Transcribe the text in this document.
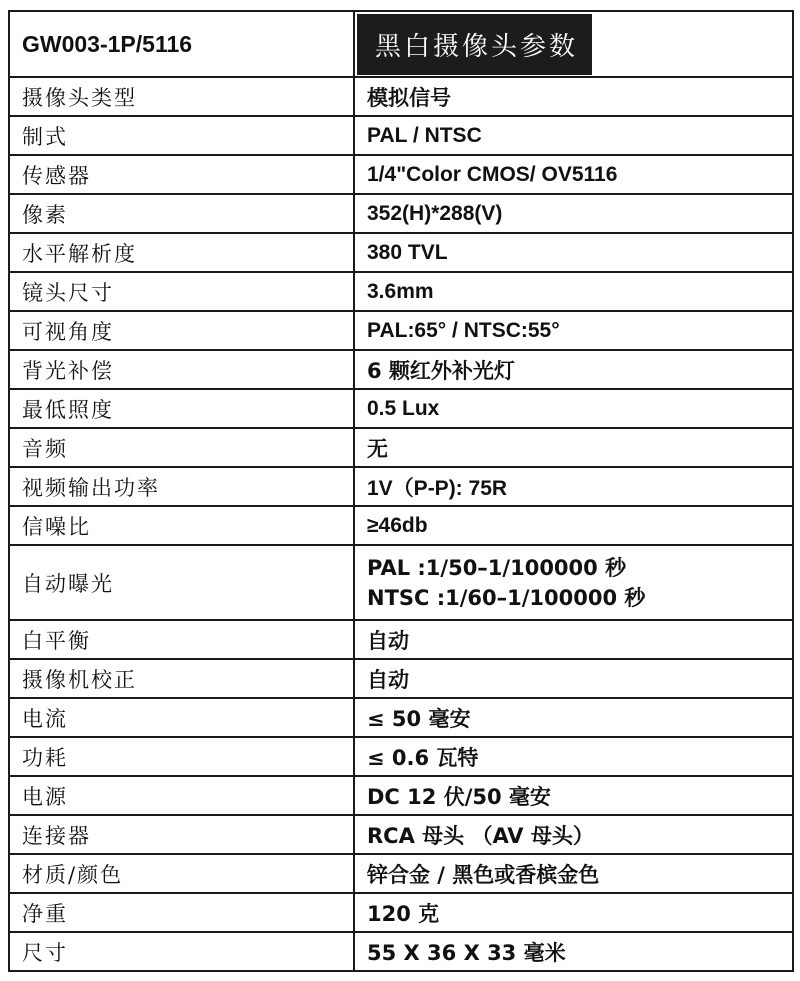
GW003-1P/5116	黑白摄像头参数
摄像头类型	模拟信号
制式	PAL / NTSC
传感器	1/4"Color CMOS/ OV5116
像素	352(H)*288(V)
水平解析度	380 TVL
镜头尺寸	3.6mm
可视角度	PAL:65° / NTSC:55°
背光补偿	6 颗红外补光灯
最低照度	0.5 Lux
音频	无
视频输出功率	1V（P-P): 75R
信噪比	≥46db
自动曝光	PAL :1/50–1/100000 秒
NTSC :1/60–1/100000 秒

白平衡	自动
摄像机校正	自动
电流	≤ 50 毫安
功耗	≤ 0.6 瓦特
电源	DC 12 伏/50 毫安
连接器	RCA 母头 （AV 母头）
材质/颜色	锌合金 / 黑色或香槟金色
净重	120 克
尺寸	55 X 36 X 33 毫米
